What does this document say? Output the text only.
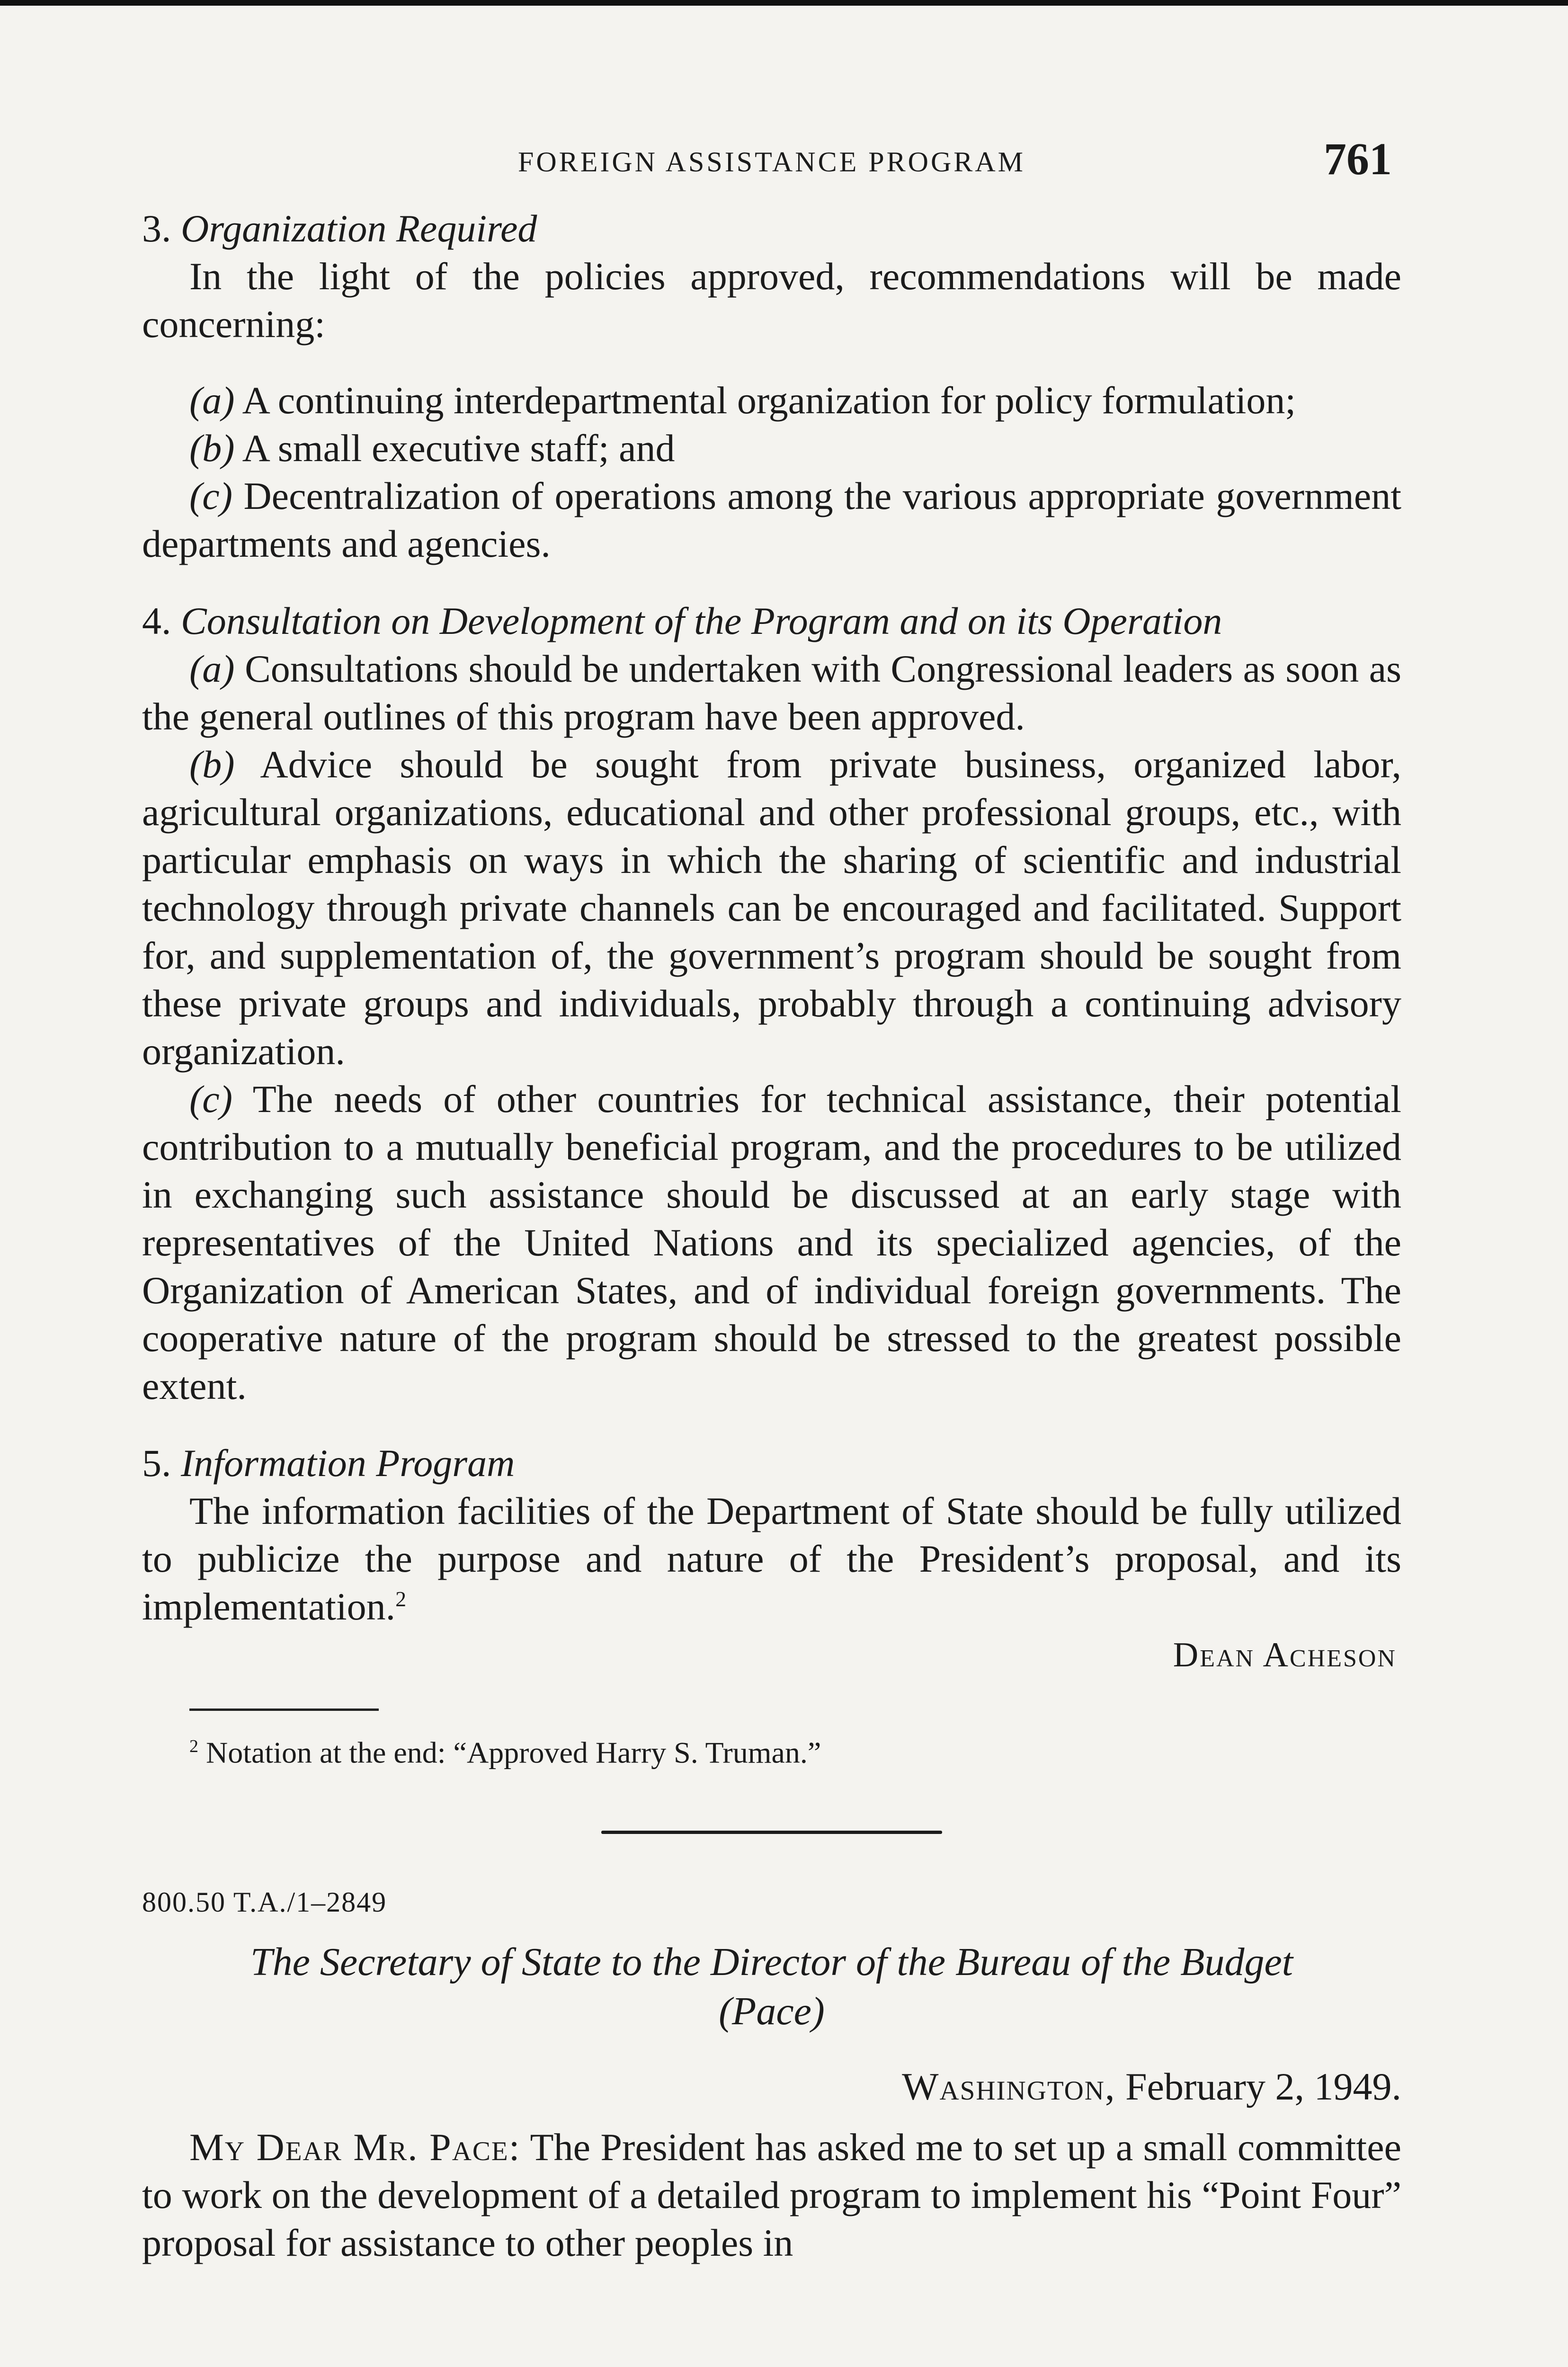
FOREIGN ASSISTANCE PROGRAM	761
3. Organization Required

In the light of the policies approved, recommendations will be made concerning:

(a) A continuing interdepartmental organization for policy formulation;

(b) A small executive staff; and

(c) Decentralization of operations among the various appropriate government departments and agencies.

4. Consultation on Development of the Program and on its Operation

(a) Consultations should be undertaken with Congressional leaders as soon as the general outlines of this program have been approved.

(b) Advice should be sought from private business, organized labor, agricultural organizations, educational and other professional groups, etc., with particular emphasis on ways in which the sharing of scientific and industrial technology through private channels can be encouraged and facilitated. Support for, and supplementation of, the government’s program should be sought from these private groups and individuals, probably through a continuing advisory organization.

(c) The needs of other countries for technical assistance, their potential contribution to a mutually beneficial program, and the procedures to be utilized in exchanging such assistance should be discussed at an early stage with representatives of the United Nations and its specialized agencies, of the Organization of American States, and of individual foreign governments. The cooperative nature of the program should be stressed to the greatest possible extent.

5. Information Program

The information facilities of the Department of State should be fully utilized to publicize the purpose and nature of the President’s proposal, and its implementation.$^2$

Dean Acheson
$^2$ Notation at the end: “Approved Harry S. Truman.”
800.50 T.A./1–2849
The Secretary of State to the Director of the Bureau of the Budget
(Pace)
Washington, February 2, 1949.

My Dear Mr. Pace: The President has asked me to set up a small committee to work on the development of a detailed program to implement his “Point Four” proposal for assistance to other peoples in
